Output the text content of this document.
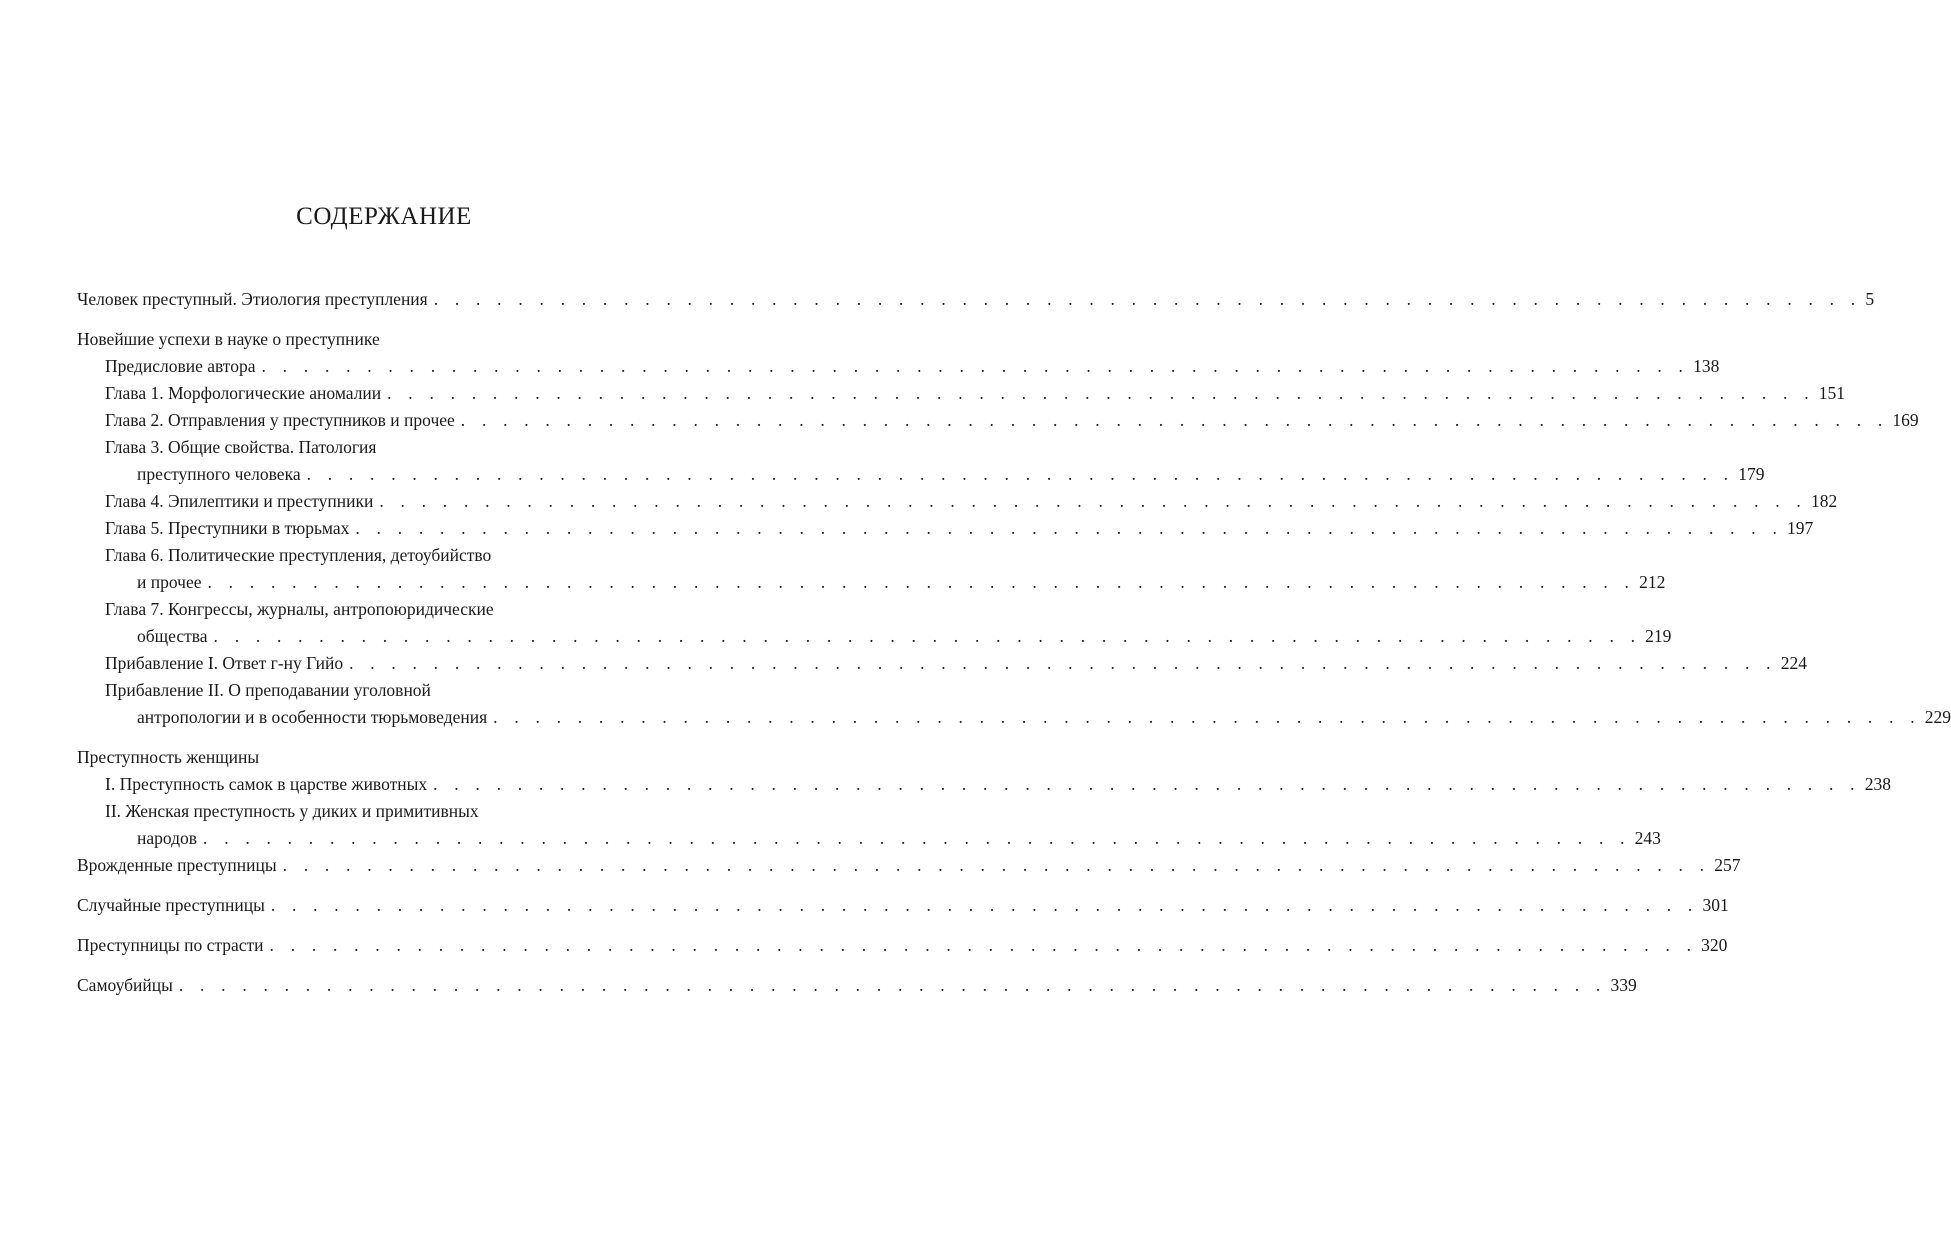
СОДЕРЖАНИЕ
Человек преступный. Этиология преступления . . . . . . . . . . . . . . . . . . . . . . . . . . . . . . . . . . . . . . . . . . . . . . . . . . . . . . . . . . . . . . . . . . . . 5
Новейшие успехи в науке о преступнике
Предисловие автора . . . . . . . . . . . . . . . . . . . . . . . . . . . . . . . . . . . . . . . . . . . . . . . . . . . . . . . . . . . . . . . . . . . . 138
Глава 1. Морфологические аномалии . . . . . . . . . . . . . . . . . . . . . . . . . . . . . . . . . . . . . . . . . . . . . . . . . . . . . . . . . . . . . . . . . . . . 151
Глава 2. Отправления у преступников и прочее . . . . . . . . . . . . . . . . . . . . . . . . . . . . . . . . . . . . . . . . . . . . . . . . . . . . . . . . . . . . . . . . . . . . 169
Глава 3. Общие свойства. Патология
преступного человека . . . . . . . . . . . . . . . . . . . . . . . . . . . . . . . . . . . . . . . . . . . . . . . . . . . . . . . . . . . . . . . . . . . . 179
Глава 4. Эпилептики и преступники . . . . . . . . . . . . . . . . . . . . . . . . . . . . . . . . . . . . . . . . . . . . . . . . . . . . . . . . . . . . . . . . . . . . 182
Глава 5. Преступники в тюрьмах . . . . . . . . . . . . . . . . . . . . . . . . . . . . . . . . . . . . . . . . . . . . . . . . . . . . . . . . . . . . . . . . . . . . 197
Глава 6. Политические преступления, детоубийство
и прочее . . . . . . . . . . . . . . . . . . . . . . . . . . . . . . . . . . . . . . . . . . . . . . . . . . . . . . . . . . . . . . . . . . . . 212
Глава 7. Конгрессы, журналы, антропоюридические
общества . . . . . . . . . . . . . . . . . . . . . . . . . . . . . . . . . . . . . . . . . . . . . . . . . . . . . . . . . . . . . . . . . . . . 219
Прибавление I. Ответ г-ну Гийо . . . . . . . . . . . . . . . . . . . . . . . . . . . . . . . . . . . . . . . . . . . . . . . . . . . . . . . . . . . . . . . . . . . . 224
Прибавление II. О преподавании уголовной
антропологии и в особенности тюрьмоведения . . . . . . . . . . . . . . . . . . . . . . . . . . . . . . . . . . . . . . . . . . . . . . . . . . . . . . . . . . . . . . . . . . . . 229
Преступность женщины
I. Преступность самок в царстве животных . . . . . . . . . . . . . . . . . . . . . . . . . . . . . . . . . . . . . . . . . . . . . . . . . . . . . . . . . . . . . . . . . . . . 238
II. Женская преступность у диких и примитивных
народов . . . . . . . . . . . . . . . . . . . . . . . . . . . . . . . . . . . . . . . . . . . . . . . . . . . . . . . . . . . . . . . . . . . . 243
Врожденные преступницы . . . . . . . . . . . . . . . . . . . . . . . . . . . . . . . . . . . . . . . . . . . . . . . . . . . . . . . . . . . . . . . . . . . . 257
Случайные преступницы . . . . . . . . . . . . . . . . . . . . . . . . . . . . . . . . . . . . . . . . . . . . . . . . . . . . . . . . . . . . . . . . . . . . 301
Преступницы по страсти . . . . . . . . . . . . . . . . . . . . . . . . . . . . . . . . . . . . . . . . . . . . . . . . . . . . . . . . . . . . . . . . . . . . 320
Самоубийцы . . . . . . . . . . . . . . . . . . . . . . . . . . . . . . . . . . . . . . . . . . . . . . . . . . . . . . . . . . . . . . . . . . . . 339
